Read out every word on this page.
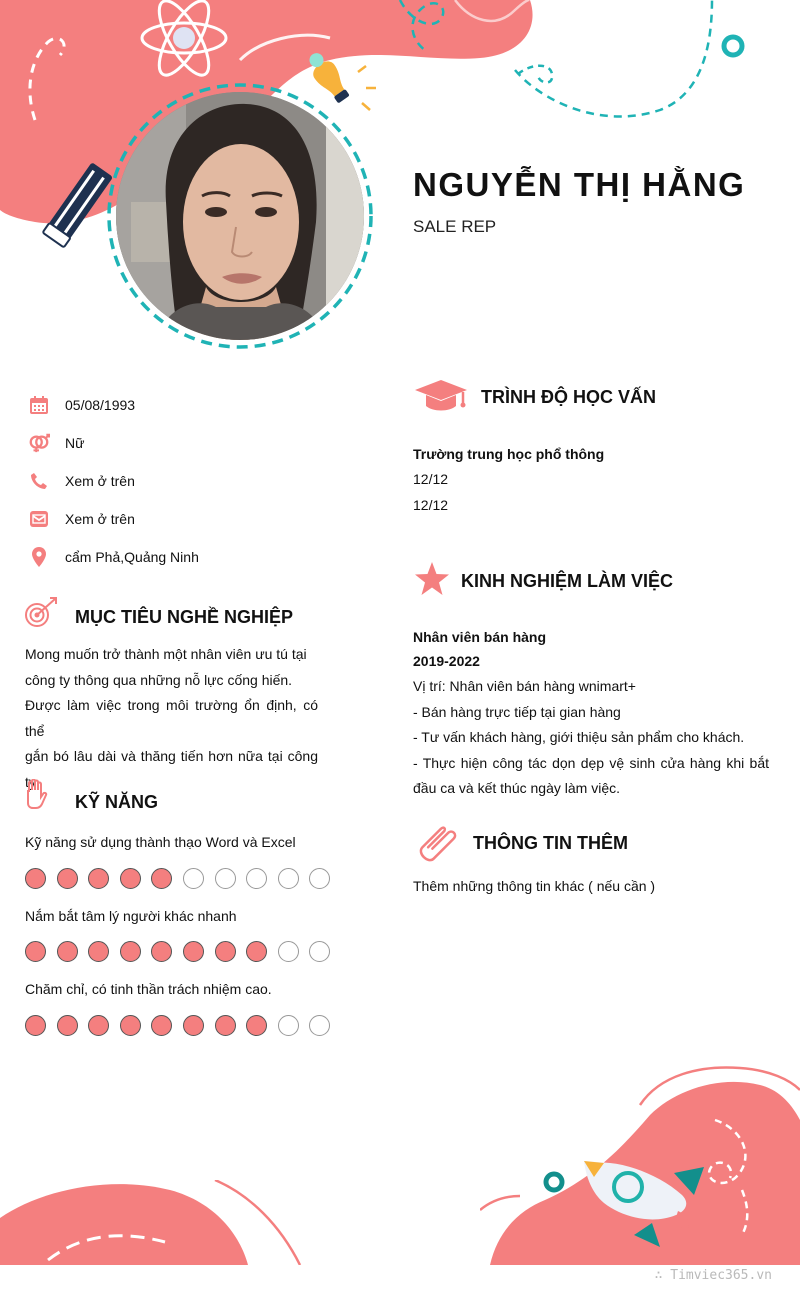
NGUYỄN THỊ HẰNG
SALE REP
05/08/1993
Nữ
Xem ở trên
Xem ở trên
cẩm Phả,Quảng Ninh
MỤC TIÊU NGHỀ NGHIỆP
Mong muốn trở thành một nhân viên ưu tú tại
công ty thông qua những nỗ lực cống hiến.
Được làm việc trong môi trường ổn định, có thể
gắn bó lâu dài và thăng tiến hơn nữa tại công
ty
KỸ NĂNG
Kỹ năng sử dụng thành thạo Word và Excel
Nắm bắt tâm lý người khác nhanh
Chăm chỉ, có tinh thần trách nhiệm cao.
TRÌNH ĐỘ HỌC VẤN
Trường trung học phổ thông
12/12
12/12
KINH NGHIỆM LÀM VIỆC
Nhân viên bán hàng
2019-2022
Vị trí: Nhân viên bán hàng wnimart+
- Bán hàng trực tiếp tại gian hàng
- Tư vấn khách hàng, giới thiệu sản phẩm cho khách.
- Thực hiện công tác dọn dẹp vệ sinh cửa hàng khi bắt
đầu ca và kết thúc ngày làm việc.
THÔNG TIN THÊM
Thêm những thông tin khác ( nếu cần )
∴ Timviec365.vn
